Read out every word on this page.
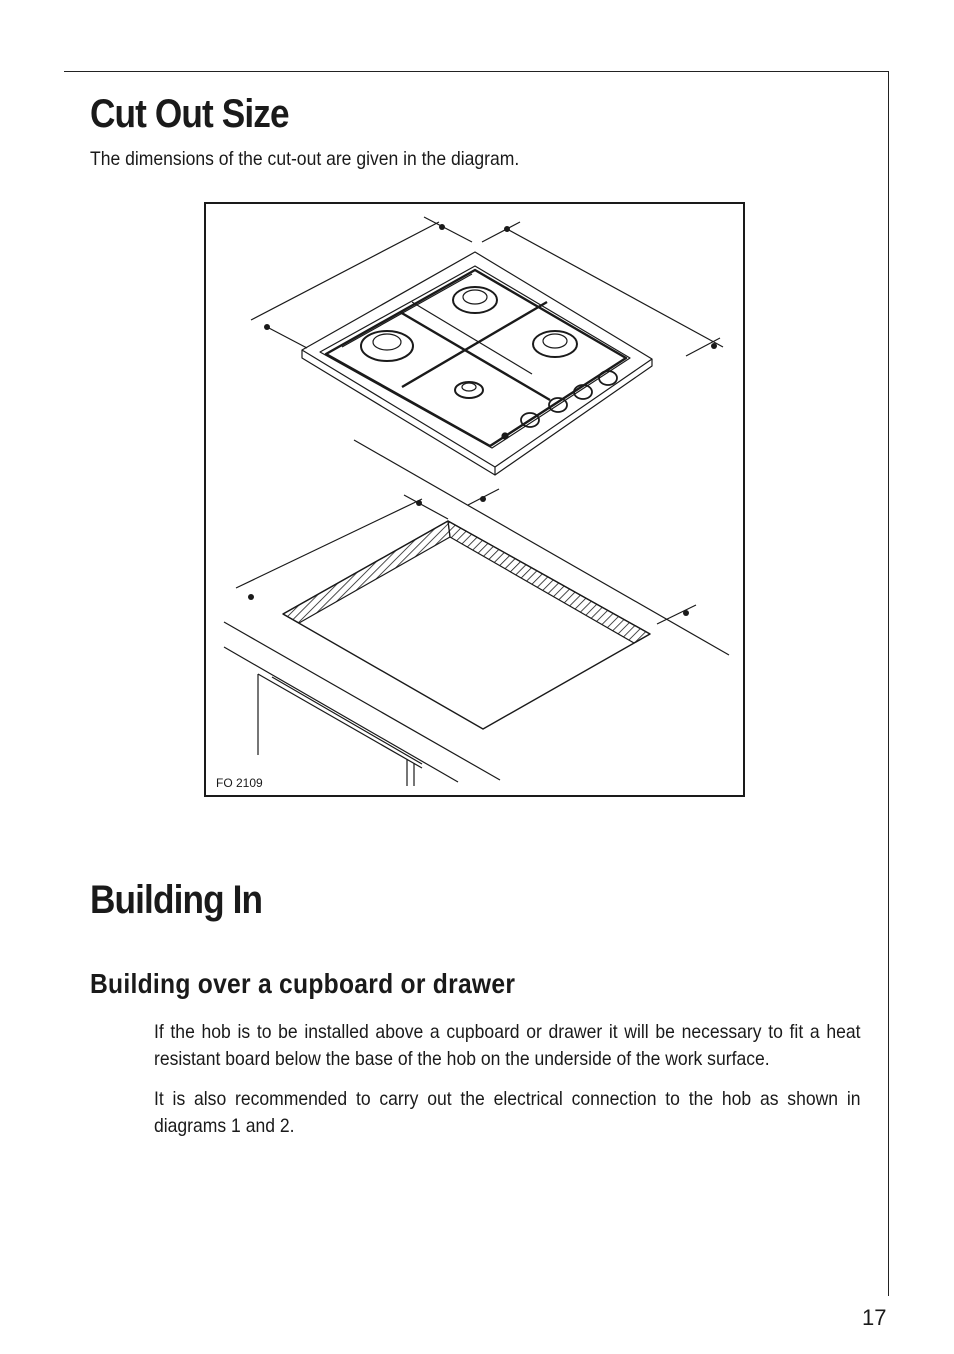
Cut Out Size

The dimensions of the cut-out are given in the diagram.

FO 2109
Building In
Building over a cupboard or drawer

If the hob is to be installed above a cupboard or drawer it will be necessary to fit a heat resistant board below the base of the hob on the underside of the work surface.

It is also recommended to carry out the electrical connection to the hob as shown in diagrams 1 and 2.

17
